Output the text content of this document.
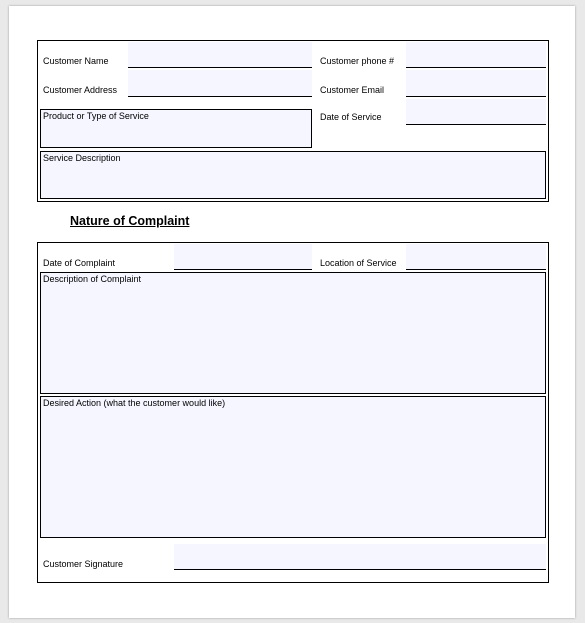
Customer Name	Customer phone #
Customer Address	Customer Email
Product or Type of Service	Date of Service
Service Description
Nature of Complaint
Date of Complaint	Location of Service
Description of Complaint
Desired Action (what the customer would like)
Customer Signature
